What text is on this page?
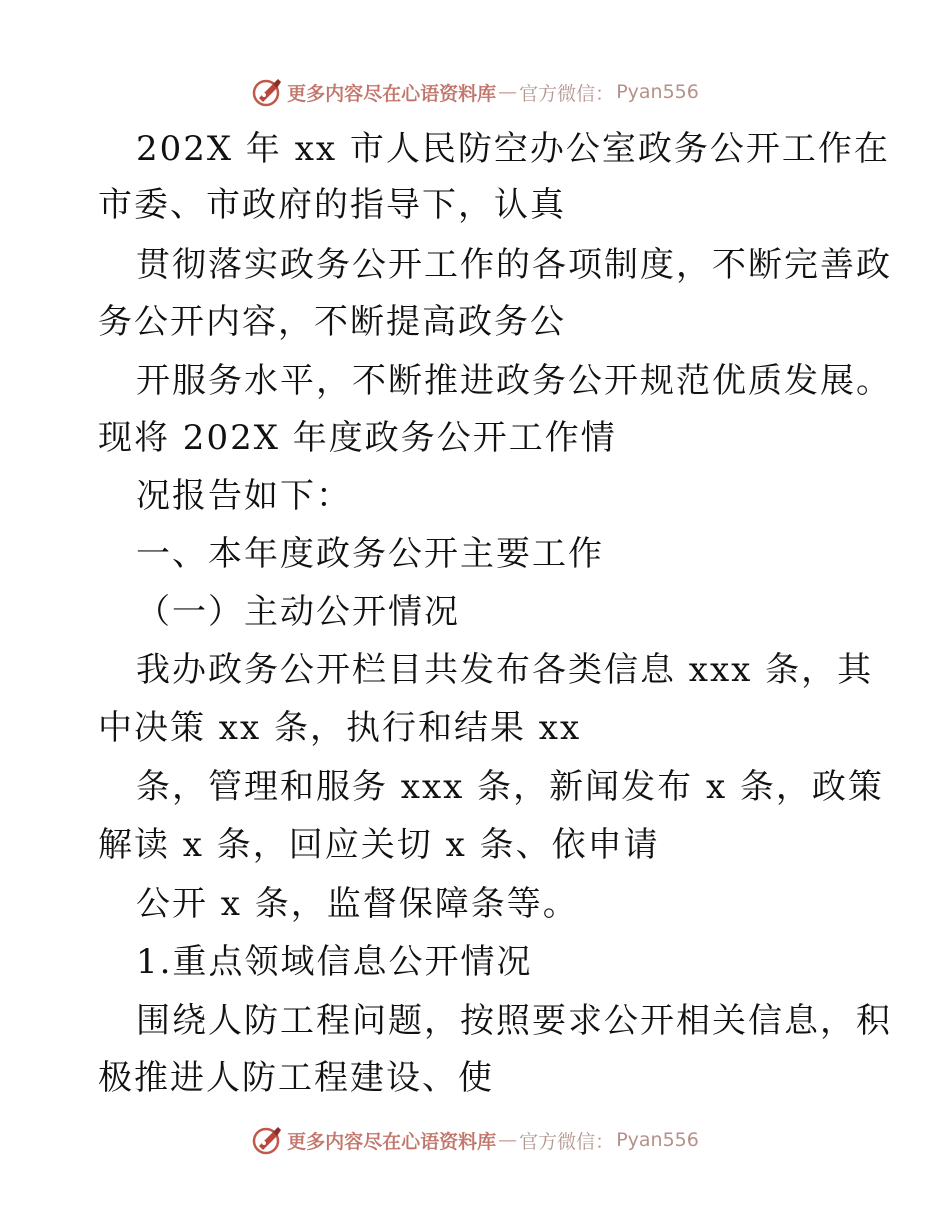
更多内容尽在心语资料库 — 官方微信： Pyan556
202X 年 xx 市人民防空办公室政务公开工作在
市委、市政府的指导下，认真
贯彻落实政务公开工作的各项制度，不断完善政
务公开内容，不断提高政务公
开服务水平，不断推进政务公开规范优质发展。
现将 202X 年度政务公开工作情
况报告如下：
一、本年度政务公开主要工作
（一）主动公开情况
我办政务公开栏目共发布各类信息 xxx 条，其
中决策 xx 条，执行和结果 xx
条，管理和服务 xxx 条，新闻发布 x 条，政策
解读 x 条，回应关切 x 条、依申请
公开 x 条，监督保障条等。
1.重点领域信息公开情况
围绕人防工程问题，按照要求公开相关信息，积
极推进人防工程建设、使
更多内容尽在心语资料库 — 官方微信： Pyan556
